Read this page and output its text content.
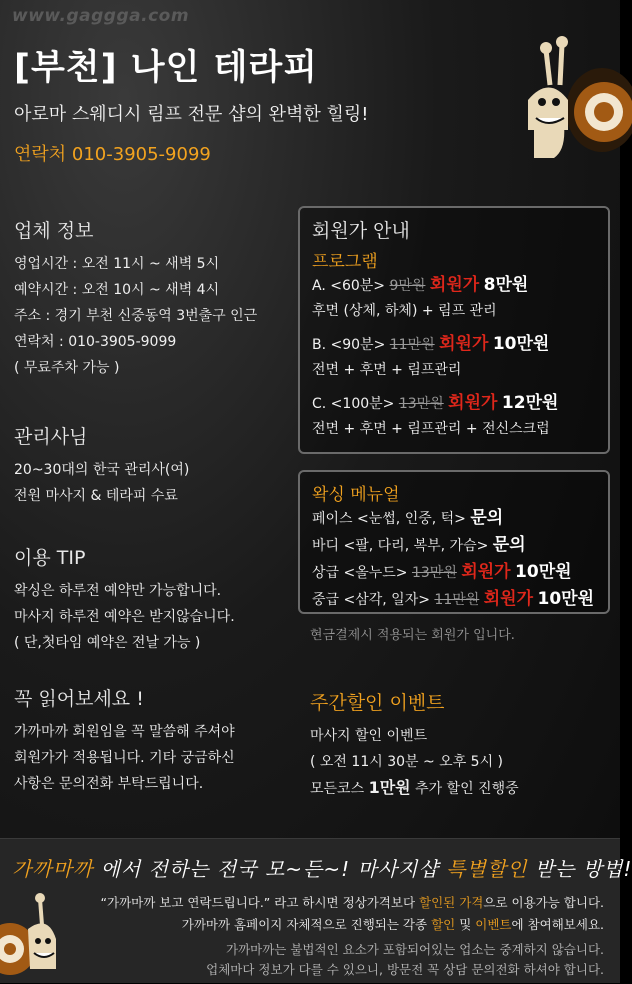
www.gaggga.com
[부천] 나인 테라피
아로마 스웨디시 림프 전문 샵의 완벽한 힐링!
연락처 010-3905-9099
업체 정보
영업시간 : 오전 11시 ~ 새벽 5시
예약시간 : 오전 10시 ~ 새벽 4시
주소 : 경기 부천 신중동역 3번출구 인근
연락처 : 010-3905-9099
( 무료주차 가능 )
관리사님
20~30대의 한국 관리사(여)
전원 마사지 & 테라피 수료
이용 TIP
왁싱은 하루전 예약만 가능합니다.
마사지 하루전 예약은 받지않습니다.
( 단,첫타임 예약은 전날 가능 )
꼭 읽어보세요 !
가까마까 회원임을 꼭 말씀해 주셔야
회원가가 적용됩니다. 기타 궁금하신
사항은 문의전화 부탁드립니다.
회원가 안내
프로그램
A. <60분> 9만원 회원가 8만원
후면 (상체, 하체) + 림프 관리
B. <90분> 11만원 회원가 10만원
전면 + 후면 + 림프관리
C. <100분> 13만원 회원가 12만원
전면 + 후면 + 림프관리 + 전신스크럽
왁싱 메뉴얼
페이스 <눈썹, 인중, 턱> 문의
바디 <팔, 다리, 복부, 가슴> 문의
상급 <올누드> 13만원 회원가 10만원
중급 <삼각, 일자> 11만원 회원가 10만원
현금결제시 적용되는 회원가 입니다.
주간할인 이벤트
마사지 할인 이벤트
( 오전 11시 30분 ~ 오후 5시 )
모든코스 1만원 추가 할인 진행중
가까마까 에서 전하는 전국 모~든~! 마사지샵 특별할인 받는 방법!
“가까마까 보고 연락드립니다.” 라고 하시면 정상가격보다 할인된 가격으로 이용가능 합니다.
가까마까 홈페이지 자체적으로 진행되는 각종 할인 및 이벤트에 참여해보세요.
가까마까는 불법적인 요소가 포함되어있는 업소는 중계하지 않습니다.
업체마다 정보가 다를 수 있으니, 방문전 꼭 상담 문의전화 하셔야 합니다.
